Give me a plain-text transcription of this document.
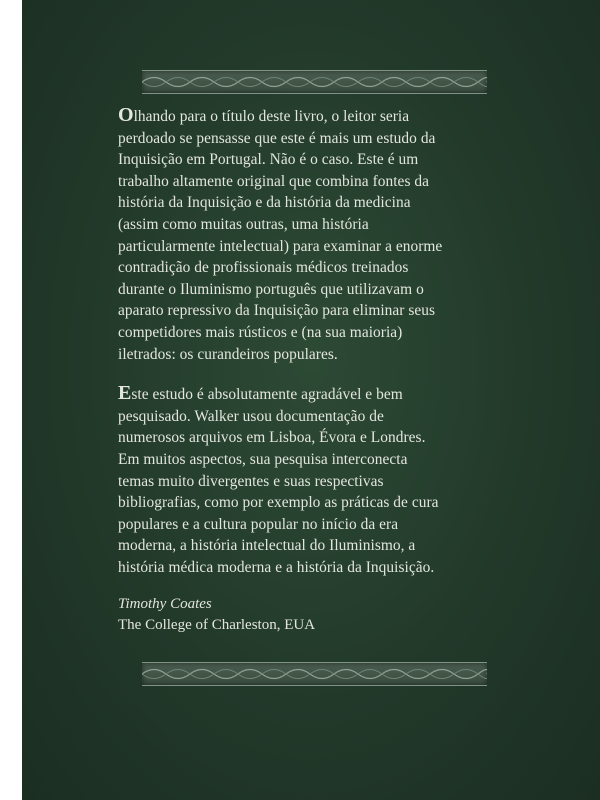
Olhando para o título deste livro, o leitor seria
perdoado se pensasse que este é mais um estudo da
Inquisição em Portugal. Não é o caso. Este é um
trabalho altamente original que combina fontes da
história da Inquisição e da história da medicina
(assim como muitas outras, uma história
particularmente intelectual) para examinar a enorme
contradição de profissionais médicos treinados
durante o Iluminismo português que utilizavam o
aparato repressivo da Inquisição para eliminar seus
competidores mais rústicos e (na sua maioria)
iletrados: os curandeiros populares.

Este estudo é absolutamente agradável e bem
pesquisado. Walker usou documentação de
numerosos arquivos em Lisboa, Évora e Londres.
Em muitos aspectos, sua pesquisa interconecta
temas muito divergentes e suas respectivas
bibliografias, como por exemplo as práticas de cura
populares e a cultura popular no início da era
moderna, a história intelectual do Iluminismo, a
história médica moderna e a história da Inquisição.

Timothy Coates

The College of Charleston, EUA
